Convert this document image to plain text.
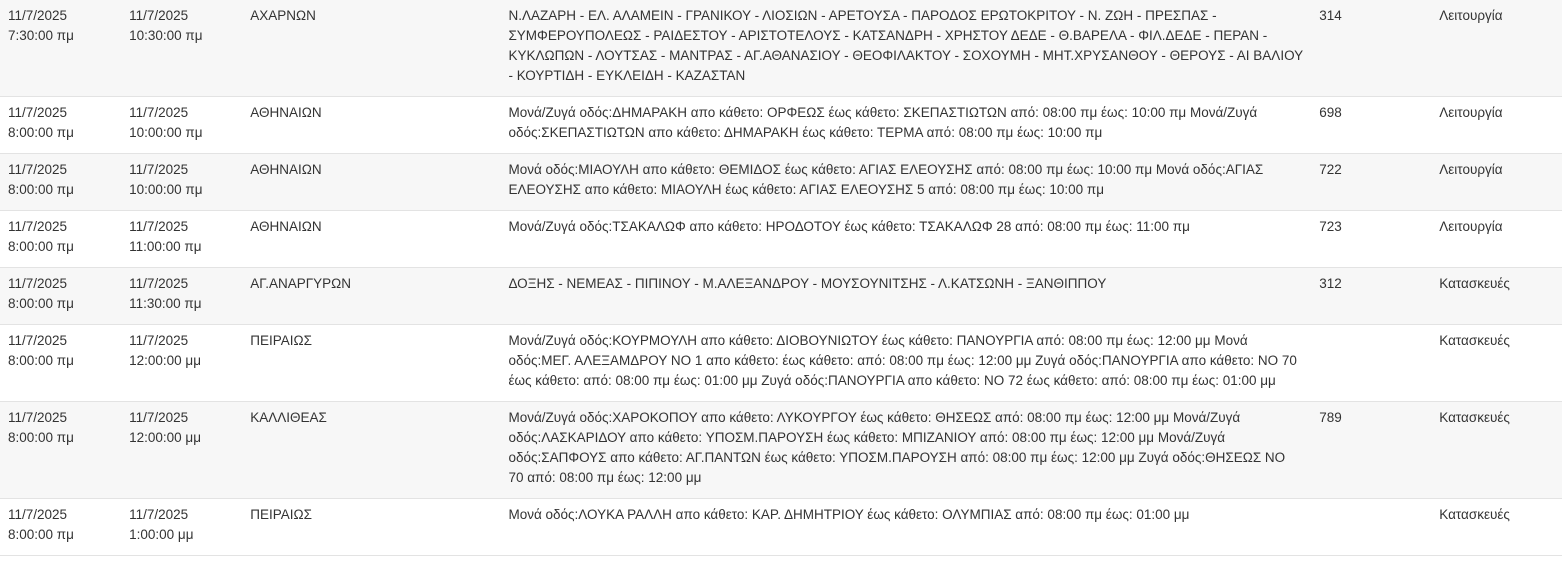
11/7/2025
7:30:00 πμ	11/7/2025
10:30:00 πμ	ΑΧΑΡΝΩΝ	Ν.ΛΑΖΑΡΗ - ΕΛ. ΑΛΑΜΕΙΝ - ΓΡΑΝΙΚΟΥ - ΛΙΟΣΙΩΝ - ΑΡΕΤΟΥΣΑ - ΠΑΡΟΔΟΣ ΕΡΩΤΟΚΡΙΤΟΥ - Ν. ΖΩΗ - ΠΡΕΣΠΑΣ - ΣΥΜΦΕΡΟΥΠΟΛΕΩΣ - ΡΑΙΔΕΣΤΟΥ - ΑΡΙΣΤΟΤΕΛΟΥΣ - ΚΑΤΣΑΝΔΡΗ - ΧΡΗΣΤΟΥ ΔΕΔΕ - Θ.ΒΑΡΕΛΑ - ΦΙΛ.ΔΕΔΕ - ΠΕΡΑΝ - ΚΥΚΛΩΠΩΝ - ΛΟΥΤΣΑΣ - ΜΑΝΤΡΑΣ - ΑΓ.ΑΘΑΝΑΣΙΟΥ - ΘΕΟΦΙΛΑΚΤΟΥ - ΣΟΧΟΥΜΗ - ΜΗΤ.ΧΡΥΣΑΝΘΟΥ - ΘΕΡΟΥΣ - ΑΙ ΒΑΛΙΟΥ - ΚΟΥΡΤΙΔΗ - ΕΥΚΛΕΙΔΗ - ΚΑΖΑΣΤΑΝ	314	Λειτουργία

11/7/2025
8:00:00 πμ	11/7/2025
10:00:00 πμ	ΑΘΗΝΑΙΩΝ	Μονά/Ζυγά οδός:ΔΗΜΑΡΑΚΗ απο κάθετο: ΟΡΦΕΩΣ έως κάθετο: ΣΚΕΠΑΣΤΙΩΤΩΝ από: 08:00 πμ έως: 10:00 πμ Μονά/Ζυγά οδός:ΣΚΕΠΑΣΤΙΩΤΩΝ απο κάθετο: ΔΗΜΑΡΑΚΗ έως κάθετο: ΤΕΡΜΑ από: 08:00 πμ έως: 10:00 πμ	698	Λειτουργία

11/7/2025
8:00:00 πμ	11/7/2025
10:00:00 πμ	ΑΘΗΝΑΙΩΝ	Μονά οδός:ΜΙΑΟΥΛΗ απο κάθετο: ΘΕΜΙΔΟΣ έως κάθετο: ΑΓΙΑΣ ΕΛΕΟΥΣΗΣ από: 08:00 πμ έως: 10:00 πμ Μονά οδός:ΑΓΙΑΣ ΕΛΕΟΥΣΗΣ απο κάθετο: ΜΙΑΟΥΛΗ έως κάθετο: ΑΓΙΑΣ ΕΛΕΟΥΣΗΣ 5 από: 08:00 πμ έως: 10:00 πμ	722	Λειτουργία

11/7/2025
8:00:00 πμ	11/7/2025
11:00:00 πμ	ΑΘΗΝΑΙΩΝ	Μονά/Ζυγά οδός:ΤΣΑΚΑΛΩΦ απο κάθετο: ΗΡΟΔΟΤΟΥ έως κάθετο: ΤΣΑΚΑΛΩΦ 28 από: 08:00 πμ έως: 11:00 πμ	723	Λειτουργία

11/7/2025
8:00:00 πμ	11/7/2025
11:30:00 πμ	ΑΓ.ΑΝΑΡΓΥΡΩΝ	ΔΟΞΗΣ - ΝΕΜΕΑΣ - ΠΙΠΙΝΟΥ - Μ.ΑΛΕΞΑΝΔΡΟΥ - ΜΟΥΣΟΥΝΙΤΣΗΣ - Λ.ΚΑΤΣΩΝΗ - ΞΑΝΘΙΠΠΟΥ	312	Κατασκευές

11/7/2025
8:00:00 πμ	11/7/2025
12:00:00 μμ	ΠΕΙΡΑΙΩΣ	Μονά/Ζυγά οδός:ΚΟΥΡΜΟΥΛΗ απο κάθετο: ΔΙΟΒΟΥΝΙΩΤΟΥ έως κάθετο: ΠΑΝΟΥΡΓΙΑ από: 08:00 πμ έως: 12:00 μμ Μονά οδός:ΜΕΓ. ΑΛΕΞΑΜΔΡΟΥ ΝΟ 1 απο κάθετο: έως κάθετο: από: 08:00 πμ έως: 12:00 μμ Ζυγά οδός:ΠΑΝΟΥΡΓΙΑ απο κάθετο: ΝΟ 70 έως κάθετο: από: 08:00 πμ έως: 01:00 μμ Ζυγά οδός:ΠΑΝΟΥΡΓΙΑ απο κάθετο: ΝΟ 72 έως κάθετο: από: 08:00 πμ έως: 01:00 μμ		Κατασκευές

11/7/2025
8:00:00 πμ	11/7/2025
12:00:00 μμ	ΚΑΛΛΙΘΕΑΣ	Μονά/Ζυγά οδός:ΧΑΡΟΚΟΠΟΥ απο κάθετο: ΛΥΚΟΥΡΓΟΥ έως κάθετο: ΘΗΣΕΩΣ από: 08:00 πμ έως: 12:00 μμ Μονά/Ζυγά οδός:ΛΑΣΚΑΡΙΔΟΥ απο κάθετο: ΥΠΟΣΜ.ΠΑΡΟΥΣΗ έως κάθετο: ΜΠΙΖΑΝΙΟΥ από: 08:00 πμ έως: 12:00 μμ Μονά/Ζυγά οδός:ΣΑΠΦΟΥΣ απο κάθετο: ΑΓ.ΠΑΝΤΩΝ έως κάθετο: ΥΠΟΣΜ.ΠΑΡΟΥΣΗ από: 08:00 πμ έως: 12:00 μμ Ζυγά οδός:ΘΗΣΕΩΣ ΝΟ 70 από: 08:00 πμ έως: 12:00 μμ	789	Κατασκευές

11/7/2025
8:00:00 πμ	11/7/2025
1:00:00 μμ	ΠΕΙΡΑΙΩΣ	Μονά οδός:ΛΟΥΚΑ ΡΑΛΛΗ απο κάθετο: ΚΑΡ. ΔΗΜΗΤΡΙΟΥ έως κάθετο: ΟΛΥΜΠΙΑΣ από: 08:00 πμ έως: 01:00 μμ		Κατασκευές
